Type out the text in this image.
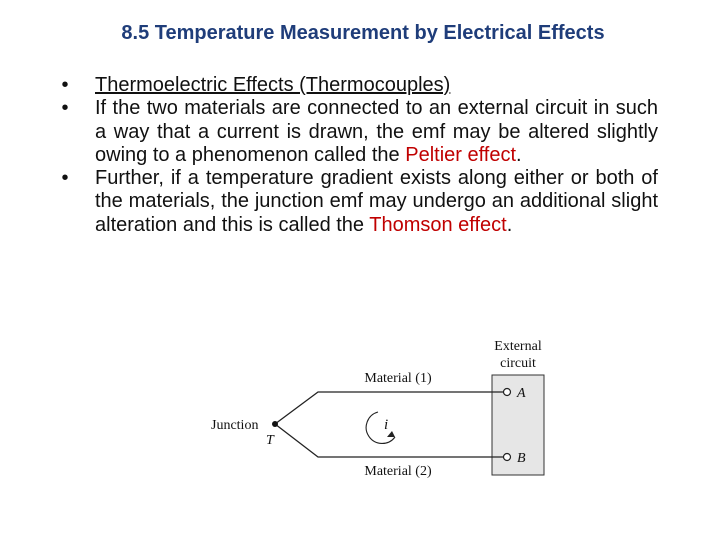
8.5 Temperature Measurement by Electrical Effects
•	Thermoelectric Effects (Thermocouples)
•	If the two materials are connected to an external circuit in such a way that a current is drawn, the emf may be altered slightly owing to a phenomenon called the Peltier effect.
•	Further, if a temperature gradient exists along either or both of the materials, the junction emf may undergo an additional slight alteration and this is called the Thomson effect.
External
circuit
Material (1)
Material (2)
Junction
T
i
A
B
